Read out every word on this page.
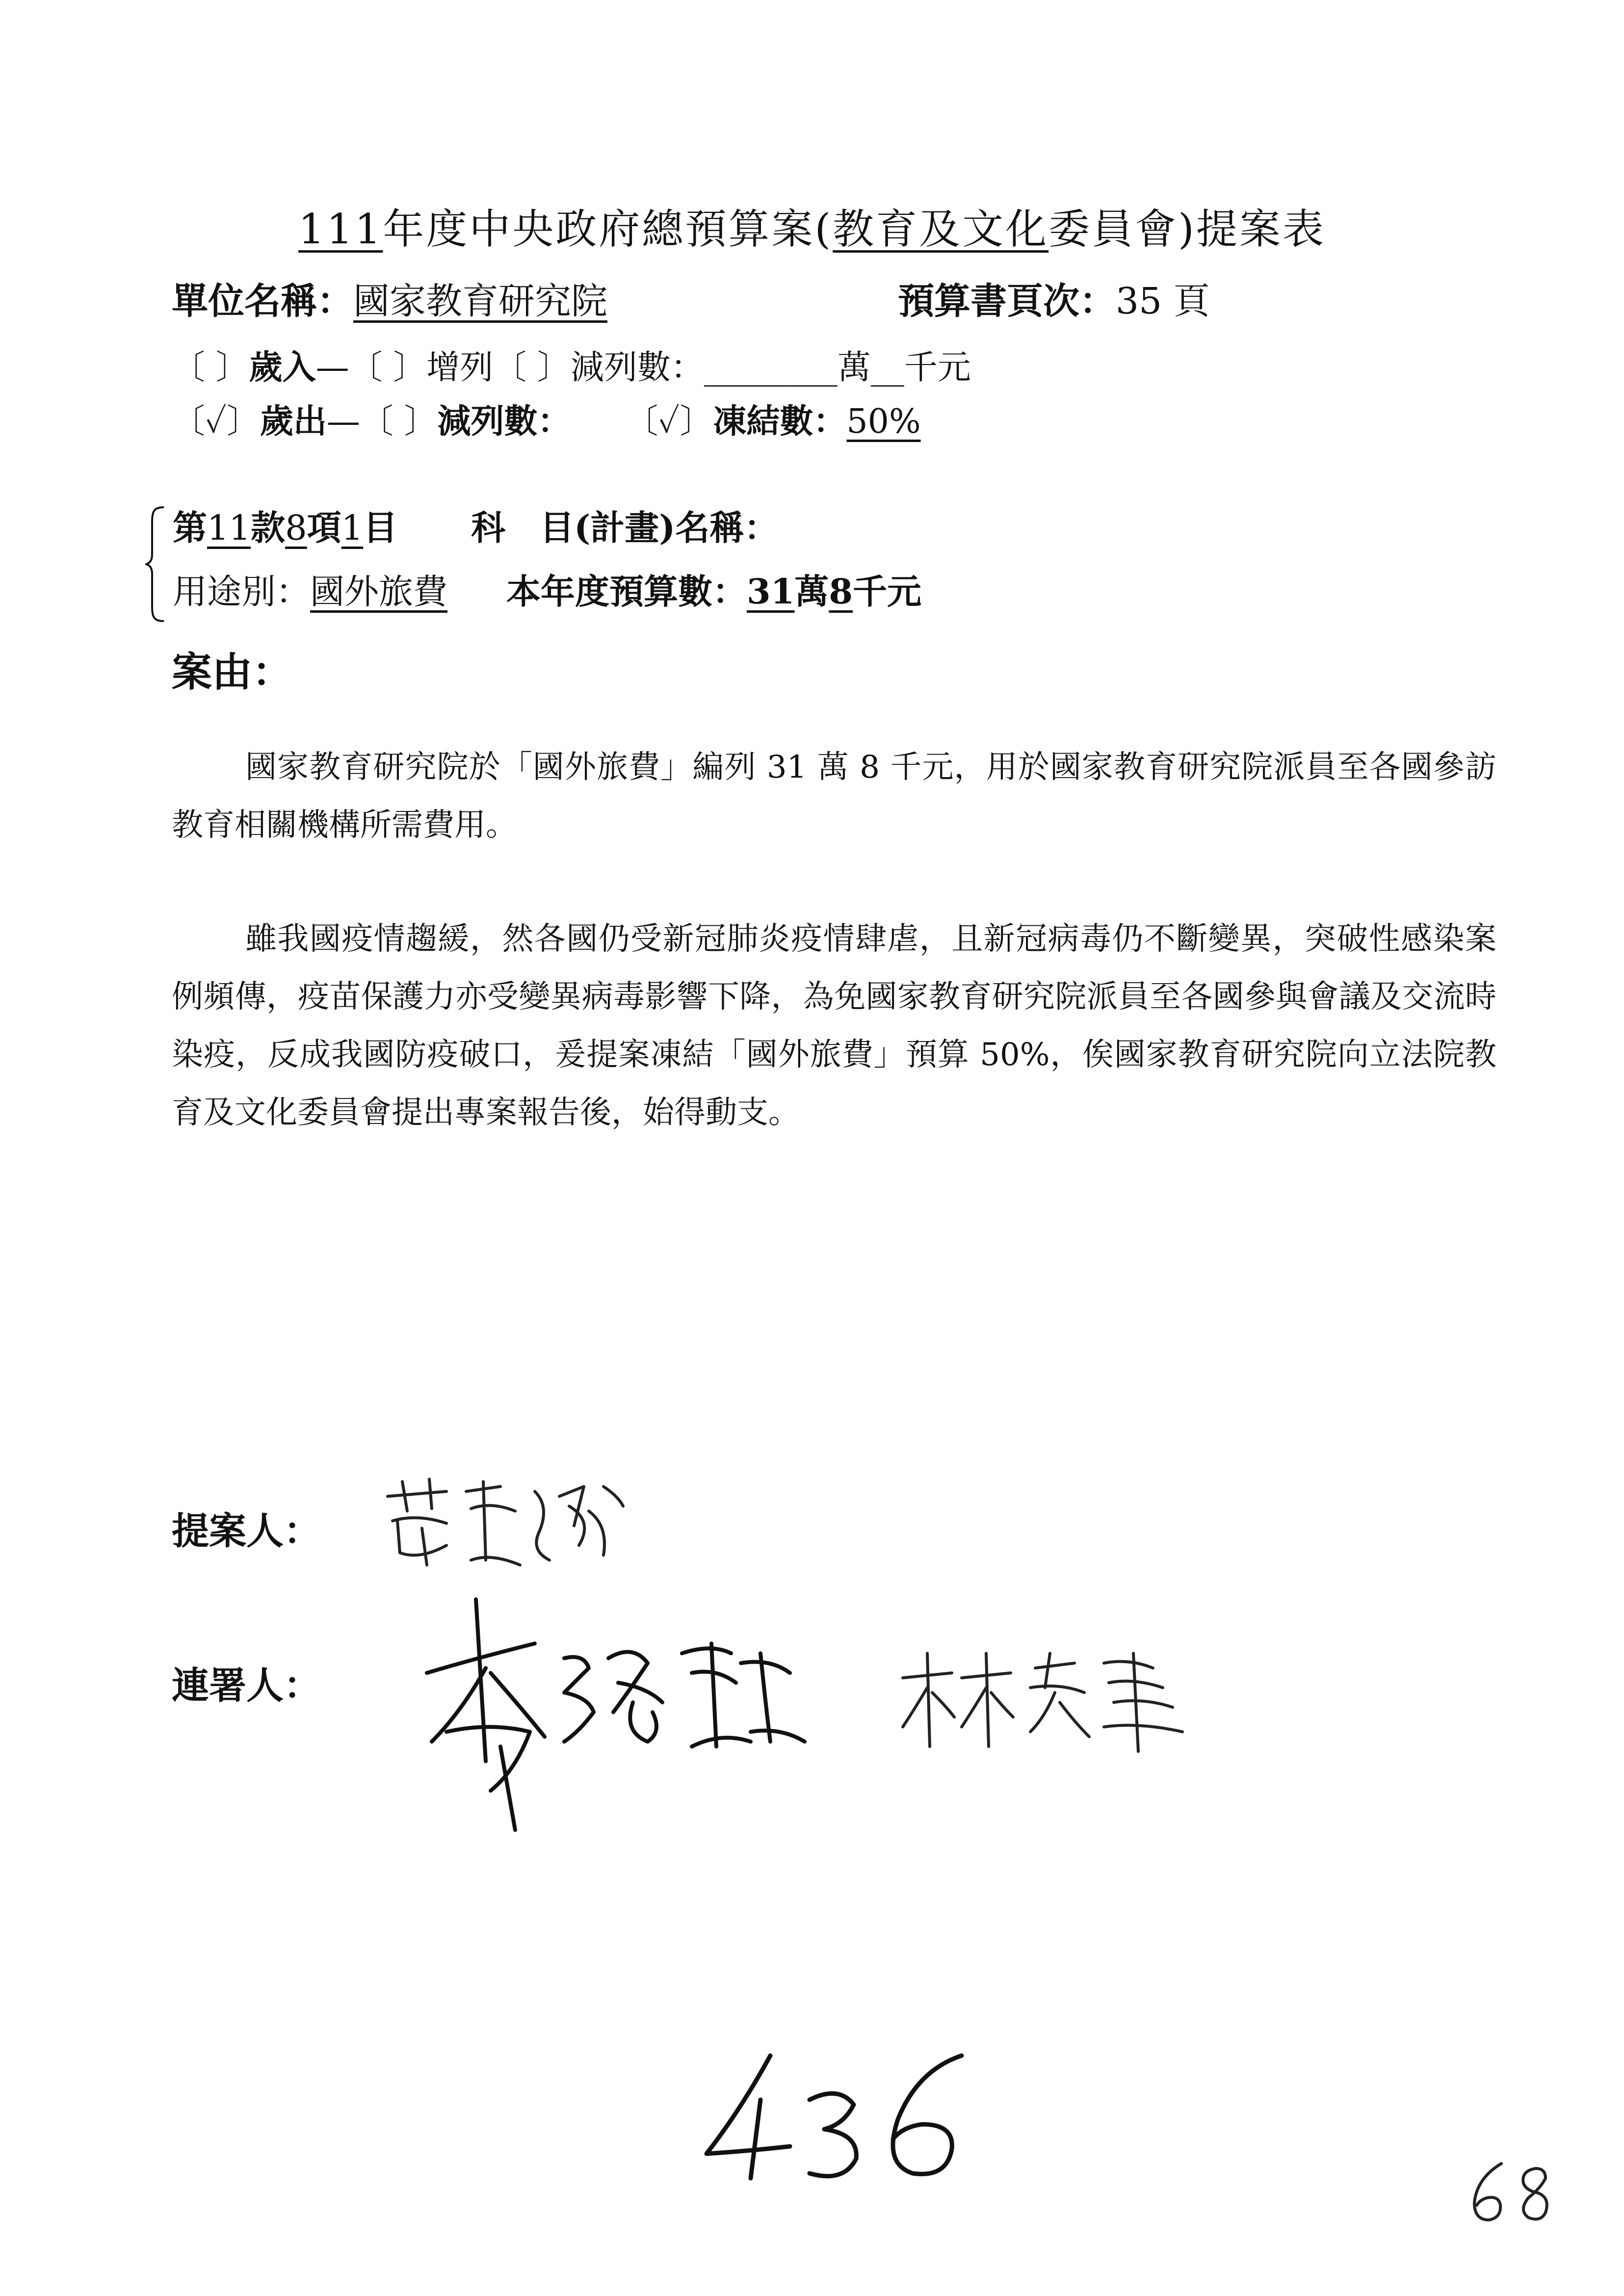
111年度中央政府總預算案(教育及文化委員會)提案表
單位名稱：國家教育研究院	預算書頁次：35 頁
〔 〕歲入—〔 〕增列〔 〕減列數：________萬__千元
〔✓〕歲出—〔 〕減列數： 〔✓〕凍結數：50%
第11款8項1目 科　目(計畫)名稱：
用途別：國外旅費 本年度預算數：31萬8千元
案由：

國家教育研究院於「國外旅費」編列 31 萬 8 千元，用於國家教育研究院派員至各國參訪教育相關機構所需費用。

雖我國疫情趨緩，然各國仍受新冠肺炎疫情肆虐，且新冠病毒仍不斷變異，突破性感染案例頻傳，疫苗保護力亦受變異病毒影響下降，為免國家教育研究院派員至各國參與會議及交流時染疫，反成我國防疫破口，爰提案凍結「國外旅費」預算 50%，俟國家教育研究院向立法院教育及文化委員會提出專案報告後，始得動支。

提案人：
連署人：
